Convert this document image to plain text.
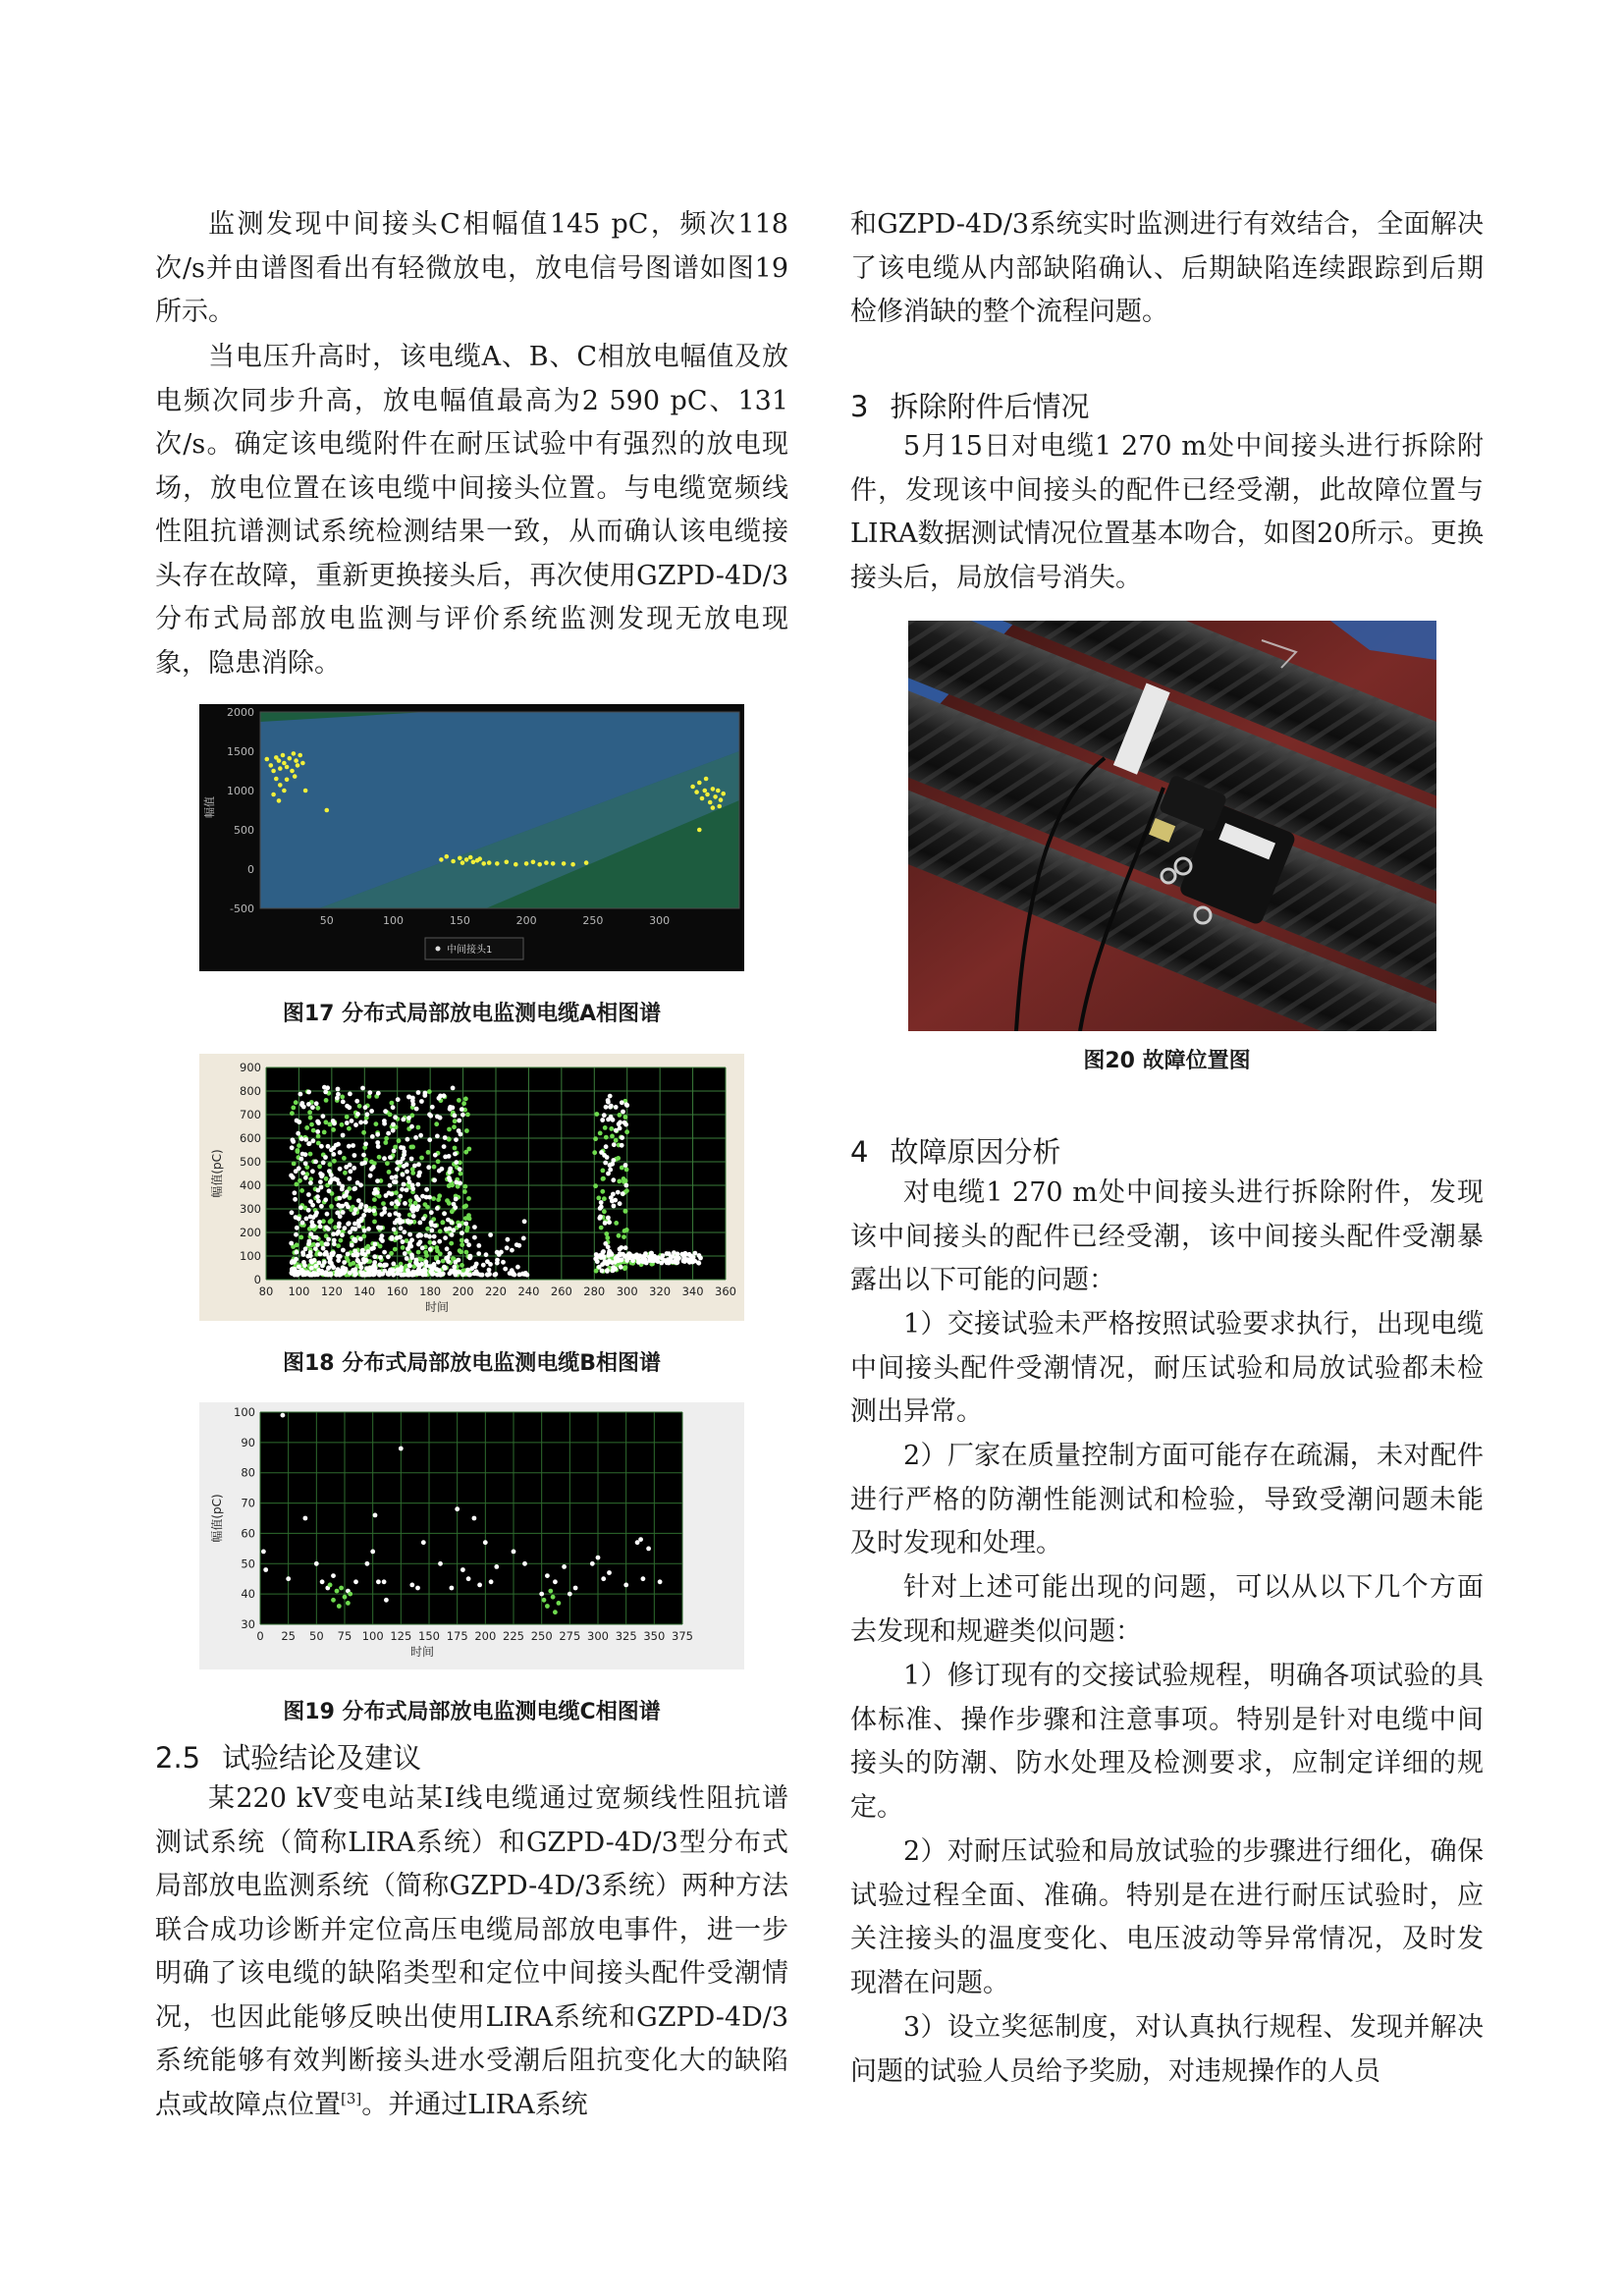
监测发现中间接头C相幅值145 pC，频次118次/s并由谱图看出有轻微放电，放电信号图谱如图19所示。

当电压升高时，该电缆A、B、C相放电幅值及放电频次同步升高，放电幅值最高为2 590 pC、131次/s。确定该电缆附件在耐压试验中有强烈的放电现场，放电位置在该电缆中间接头位置。与电缆宽频线性阻抗谱测试系统检测结果一致，从而确认该电缆接头存在故障，重新更换接头后，再次使用GZPD-4D/3分布式局部放电监测与评价系统监测发现无放电现象，隐患消除。

2000
1500
1000
500
0
-500
50	100	150	200	250	300
幅值
中间接头1

图17 分布式局部放电监测电缆A相图谱

900
800
700
600
500
400
300
200
100
0
80 100 120 140 160 180 200 220 240 260 280 300 320 340 360
时间
幅值(pC)

图18 分布式局部放电监测电缆B相图谱

100
90
80
70
60
50
40
30
0 25 50 75 100 125 150 175 200 225 250 275 300 325 350 375
时间
幅值(pC)

图19 分布式局部放电监测电缆C相图谱

2.5 试验结论及建议

某220 kV变电站某I线电缆通过宽频线性阻抗谱测试系统（简称LIRA系统）和GZPD-4D/3型分布式局部放电监测系统（简称GZPD-4D/3系统）两种方法联合成功诊断并定位高压电缆局部放电事件，进一步明确了该电缆的缺陷类型和定位中间接头配件受潮情况，也因此能够反映出使用LIRA系统和GZPD-4D/3系统能够有效判断接头进水受潮后阻抗变化大的缺陷点或故障点位置[3]。并通过LIRA系统

和GZPD-4D/3系统实时监测进行有效结合，全面解决了该电缆从内部缺陷确认、后期缺陷连续跟踪到后期检修消缺的整个流程问题。

3 拆除附件后情况

5月15日对电缆1 270 m处中间接头进行拆除附件，发现该中间接头的配件已经受潮，此故障位置与LIRA数据测试情况位置基本吻合，如图20所示。更换接头后，局放信号消失。

图20 故障位置图

4 故障原因分析

对电缆1 270 m处中间接头进行拆除附件，发现该中间接头的配件已经受潮，该中间接头配件受潮暴露出以下可能的问题：

1）交接试验未严格按照试验要求执行，出现电缆中间接头配件受潮情况，耐压试验和局放试验都未检测出异常。

2）厂家在质量控制方面可能存在疏漏，未对配件进行严格的防潮性能测试和检验，导致受潮问题未能及时发现和处理。

针对上述可能出现的问题，可以从以下几个方面去发现和规避类似问题：

1）修订现有的交接试验规程，明确各项试验的具体标准、操作步骤和注意事项。特别是针对电缆中间接头的防潮、防水处理及检测要求，应制定详细的规定。

2）对耐压试验和局放试验的步骤进行细化，确保试验过程全面、准确。特别是在进行耐压试验时，应关注接头的温度变化、电压波动等异常情况，及时发现潜在问题。

3）设立奖惩制度，对认真执行规程、发现并解决问题的试验人员给予奖励，对违规操作的人员
